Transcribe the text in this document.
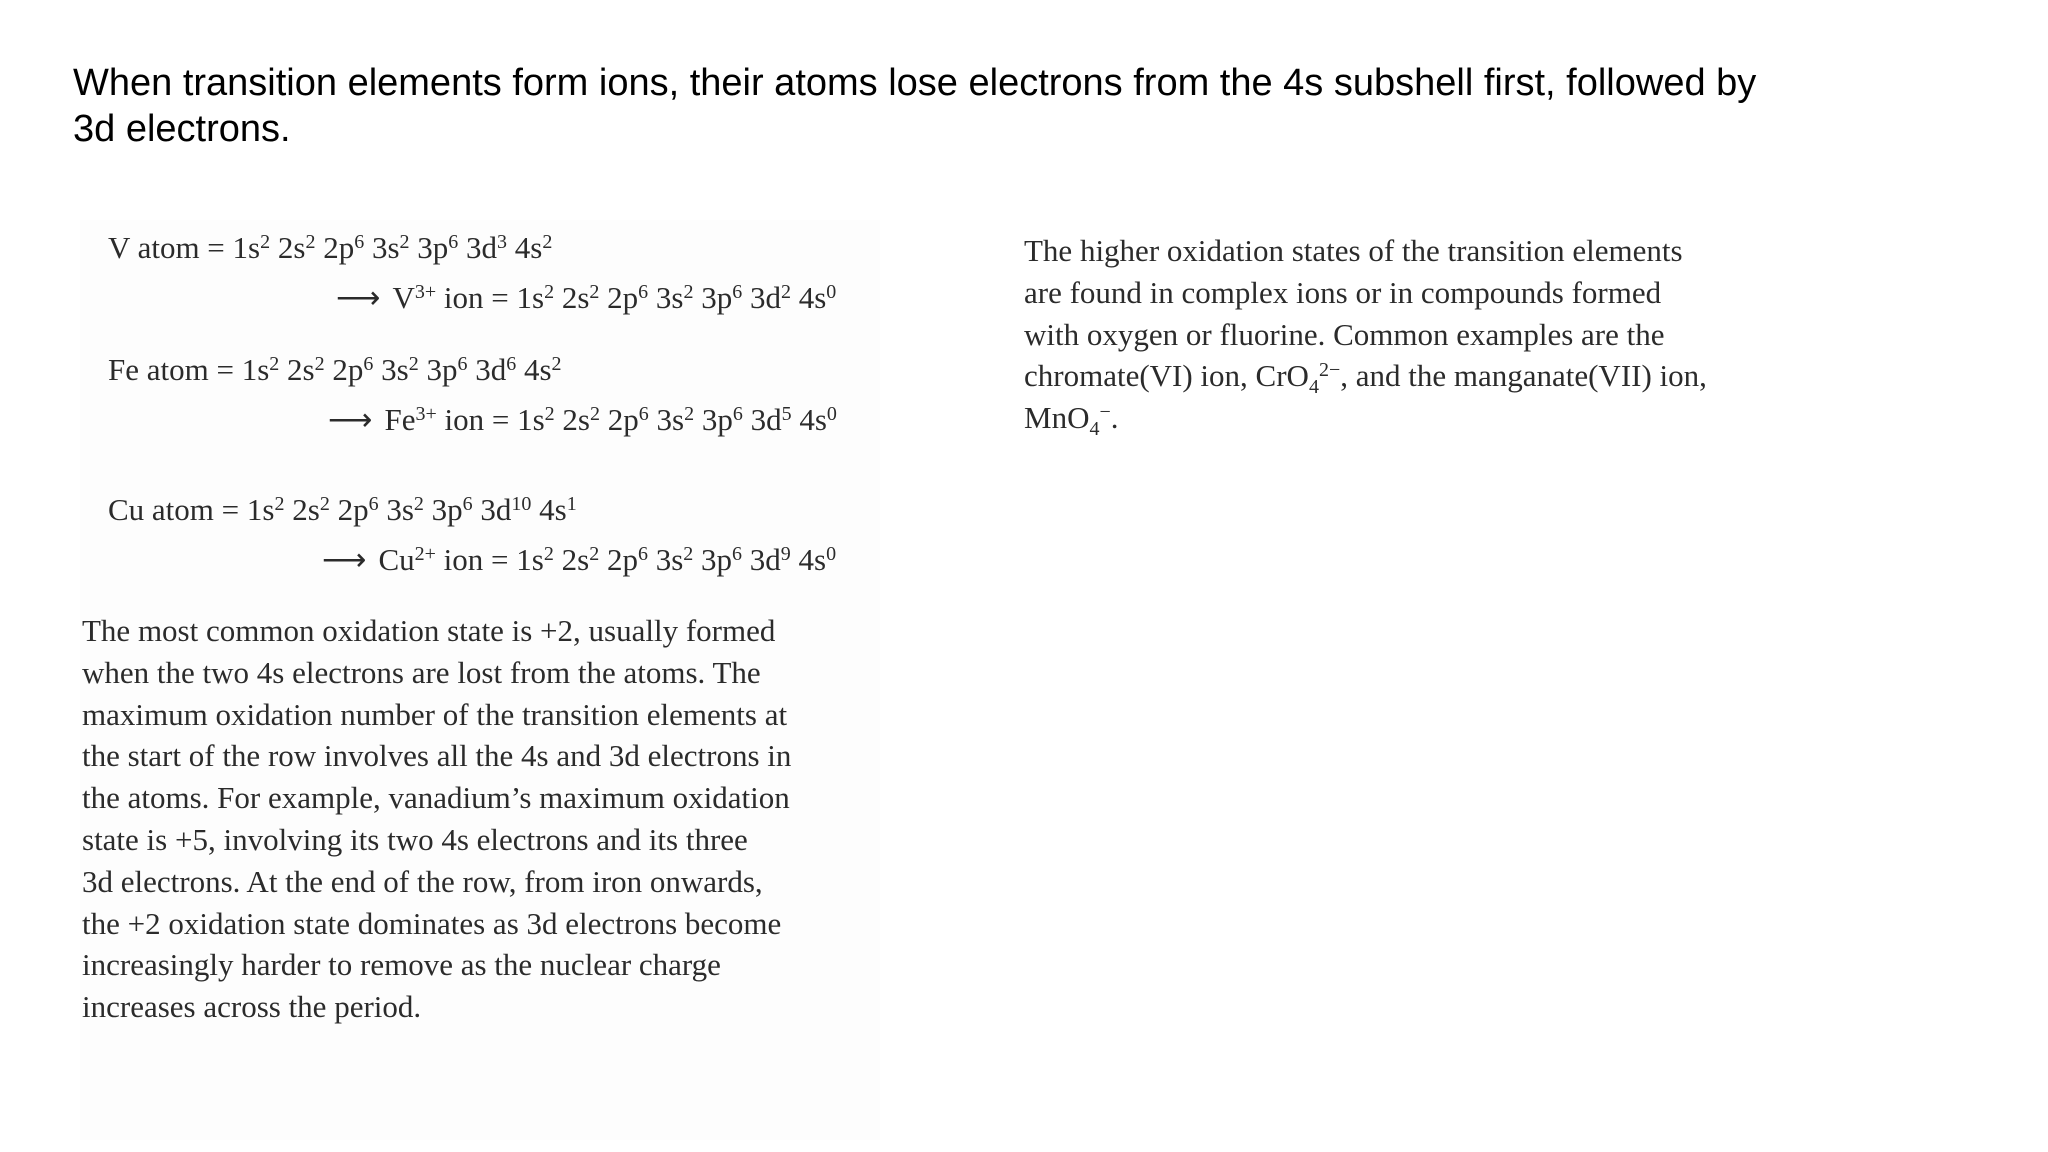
When transition elements form ions, their atoms lose electrons from the 4s subshell first, followed by
3d electrons.
V atom = $1s^2$ $2s^2$ $2p^6$ $3s^2$ $3p^6$ $3d^3$ $4s^2$
⟶ $V^{3+}$ ion = $1s^2$ $2s^2$ $2p^6$ $3s^2$ $3p^6$ $3d^2$ $4s^0$
Fe atom = $1s^2$ $2s^2$ $2p^6$ $3s^2$ $3p^6$ $3d^6$ $4s^2$
⟶ $Fe^{3+}$ ion = $1s^2$ $2s^2$ $2p^6$ $3s^2$ $3p^6$ $3d^5$ $4s^0$
Cu atom = $1s^2$ $2s^2$ $2p^6$ $3s^2$ $3p^6$ $3d^{10}$ $4s^1$
⟶ $Cu^{2+}$ ion = $1s^2$ $2s^2$ $2p^6$ $3s^2$ $3p^6$ $3d^9$ $4s^0$
The most common oxidation state is +2, usually formed
when the two 4s electrons are lost from the atoms. The
maximum oxidation number of the transition elements at
the start of the row involves all the 4s and 3d electrons in
the atoms. For example, vanadium’s maximum oxidation
state is +5, involving its two 4s electrons and its three
3d electrons. At the end of the row, from iron onwards,
the +2 oxidation state dominates as 3d electrons become
increasingly harder to remove as the nuclear charge
increases across the period.
The higher oxidation states of the transition elements
are found in complex ions or in compounds formed
with oxygen or fluorine. Common examples are the
chromate(VI) ion, CrO$_4^{2-}$, and the manganate(VII) ion,
MnO$_4$−.
